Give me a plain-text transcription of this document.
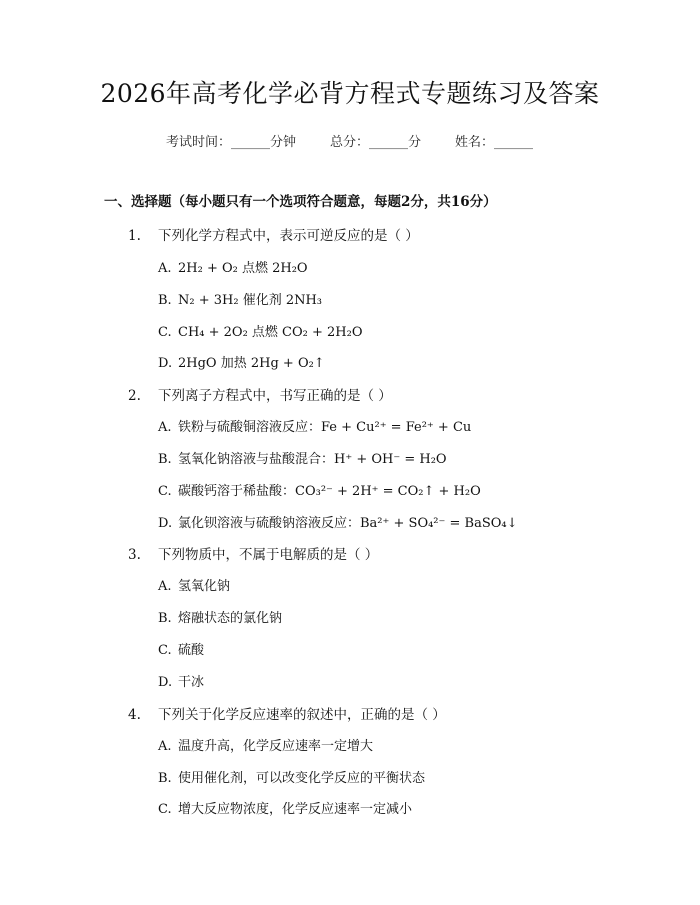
2026年高考化学必背方程式专题练习及答案
考试时间：______分钟	总分：______分	姓名：______
一、选择题（每小题只有一个选项符合题意，每题2分，共16分）
1. 下列化学方程式中，表示可逆反应的是（ ）
A. 2H₂ + O₂ 点燃 2H₂O
B. N₂ + 3H₂ 催化剂 2NH₃
C. CH₄ + 2O₂ 点燃 CO₂ + 2H₂O
D. 2HgO 加热 2Hg + O₂↑
2. 下列离子方程式中，书写正确的是（ ）
A. 铁粉与硫酸铜溶液反应：Fe + Cu²⁺ = Fe²⁺ + Cu
B. 氢氧化钠溶液与盐酸混合：H⁺ + OH⁻ = H₂O
C. 碳酸钙溶于稀盐酸：CO₃²⁻ + 2H⁺ = CO₂↑ + H₂O
D. 氯化钡溶液与硫酸钠溶液反应：Ba²⁺ + SO₄²⁻ = BaSO₄↓
3. 下列物质中，不属于电解质的是（ ）
A. 氢氧化钠
B. 熔融状态的氯化钠
C. 硫酸
D. 干冰
4. 下列关于化学反应速率的叙述中，正确的是（ ）
A. 温度升高，化学反应速率一定增大
B. 使用催化剂，可以改变化学反应的平衡状态
C. 增大反应物浓度，化学反应速率一定减小
